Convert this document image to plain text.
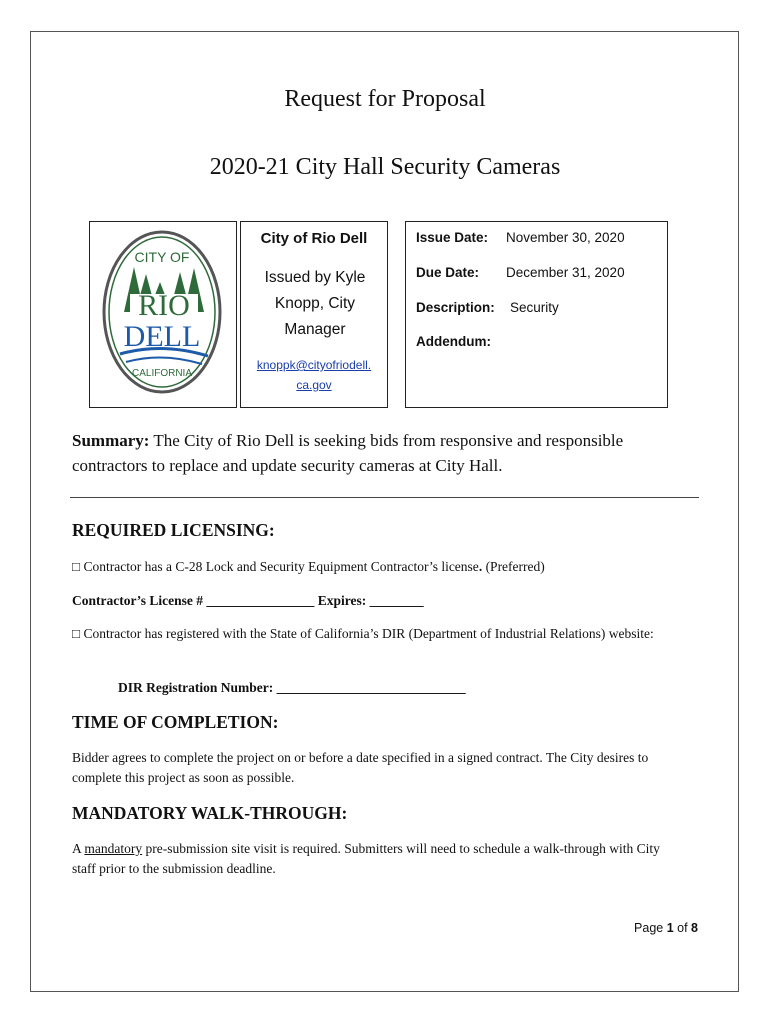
Request for Proposal
2020-21 City Hall Security Cameras
CITY OF
RIO
DELL
CALIFORNIA
City of Rio Dell
Issued by Kyle Knopp, City Manager
knoppk@cityofriodell.
ca.gov
Issue Date: November 30, 2020
Due Date: December 31, 2020
Description: Security
Addendum:
Summary: The City of Rio Dell is seeking bids from responsive and responsible contractors to replace and update security cameras at City Hall.
REQUIRED LICENSING:
□ Contractor has a C-28 Lock and Security Equipment Contractor’s license. (Preferred)
Contractor’s License # ________________ Expires: ________
□ Contractor has registered with the State of California’s DIR (Department of Industrial Relations) website:
DIR Registration Number: ____________________________
TIME OF COMPLETION:
Bidder agrees to complete the project on or before a date specified in a signed contract. The City desires to complete this project as soon as possible.
MANDATORY WALK-THROUGH:
A mandatory pre-submission site visit is required. Submitters will need to schedule a walk-through with City staff prior to the submission deadline.
Page 1 of 8
